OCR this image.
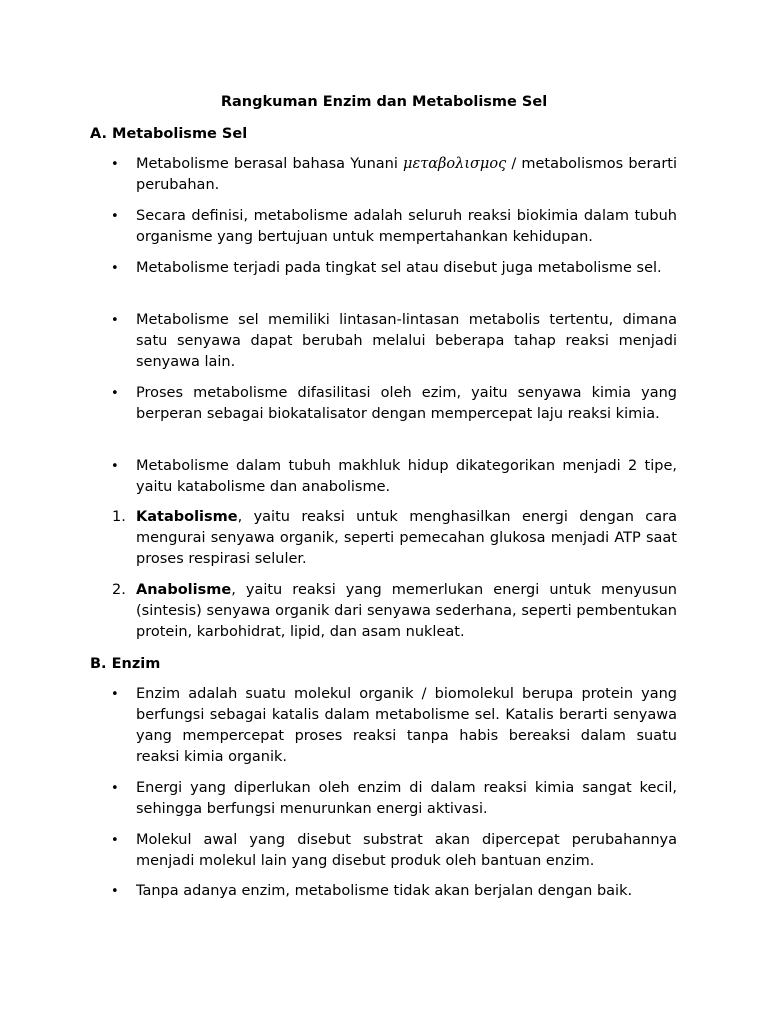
Rangkuman Enzim dan Metabolisme Sel
A. Metabolisme Sel
•	Metabolisme berasal bahasa Yunani μεταβολισμος / metabolismos berarti perubahan.
•	Secara definisi, metabolisme adalah seluruh reaksi biokimia dalam tubuh organisme yang bertujuan untuk mempertahankan kehidupan.
•	Metabolisme terjadi pada tingkat sel atau disebut juga metabolisme sel.
•	Metabolisme sel memiliki lintasan-lintasan metabolis tertentu, dimana satu senyawa dapat berubah melalui beberapa tahap reaksi menjadi senyawa lain.
•	Proses metabolisme difasilitasi oleh ezim, yaitu senyawa kimia yang berperan sebagai biokatalisator dengan mempercepat laju reaksi kimia.
•	Metabolisme dalam tubuh makhluk hidup dikategorikan menjadi 2 tipe, yaitu katabolisme dan anabolisme.
1. Katabolisme, yaitu reaksi untuk menghasilkan energi dengan cara mengurai senyawa organik, seperti pemecahan glukosa menjadi ATP saat proses respirasi seluler.
2. Anabolisme, yaitu reaksi yang memerlukan energi untuk menyusun (sintesis) senyawa organik dari senyawa sederhana, seperti pembentukan protein, karbohidrat, lipid, dan asam nukleat.
B. Enzim
•	Enzim adalah suatu molekul organik / biomolekul berupa protein yang berfungsi sebagai katalis dalam metabolisme sel. Katalis berarti senyawa yang mempercepat proses reaksi tanpa habis bereaksi dalam suatu reaksi kimia organik.
•	Energi yang diperlukan oleh enzim di dalam reaksi kimia sangat kecil, sehingga berfungsi menurunkan energi aktivasi.
•	Molekul awal yang disebut substrat akan dipercepat perubahannya menjadi molekul lain yang disebut produk oleh bantuan enzim.
•	Tanpa adanya enzim, metabolisme tidak akan berjalan dengan baik.
